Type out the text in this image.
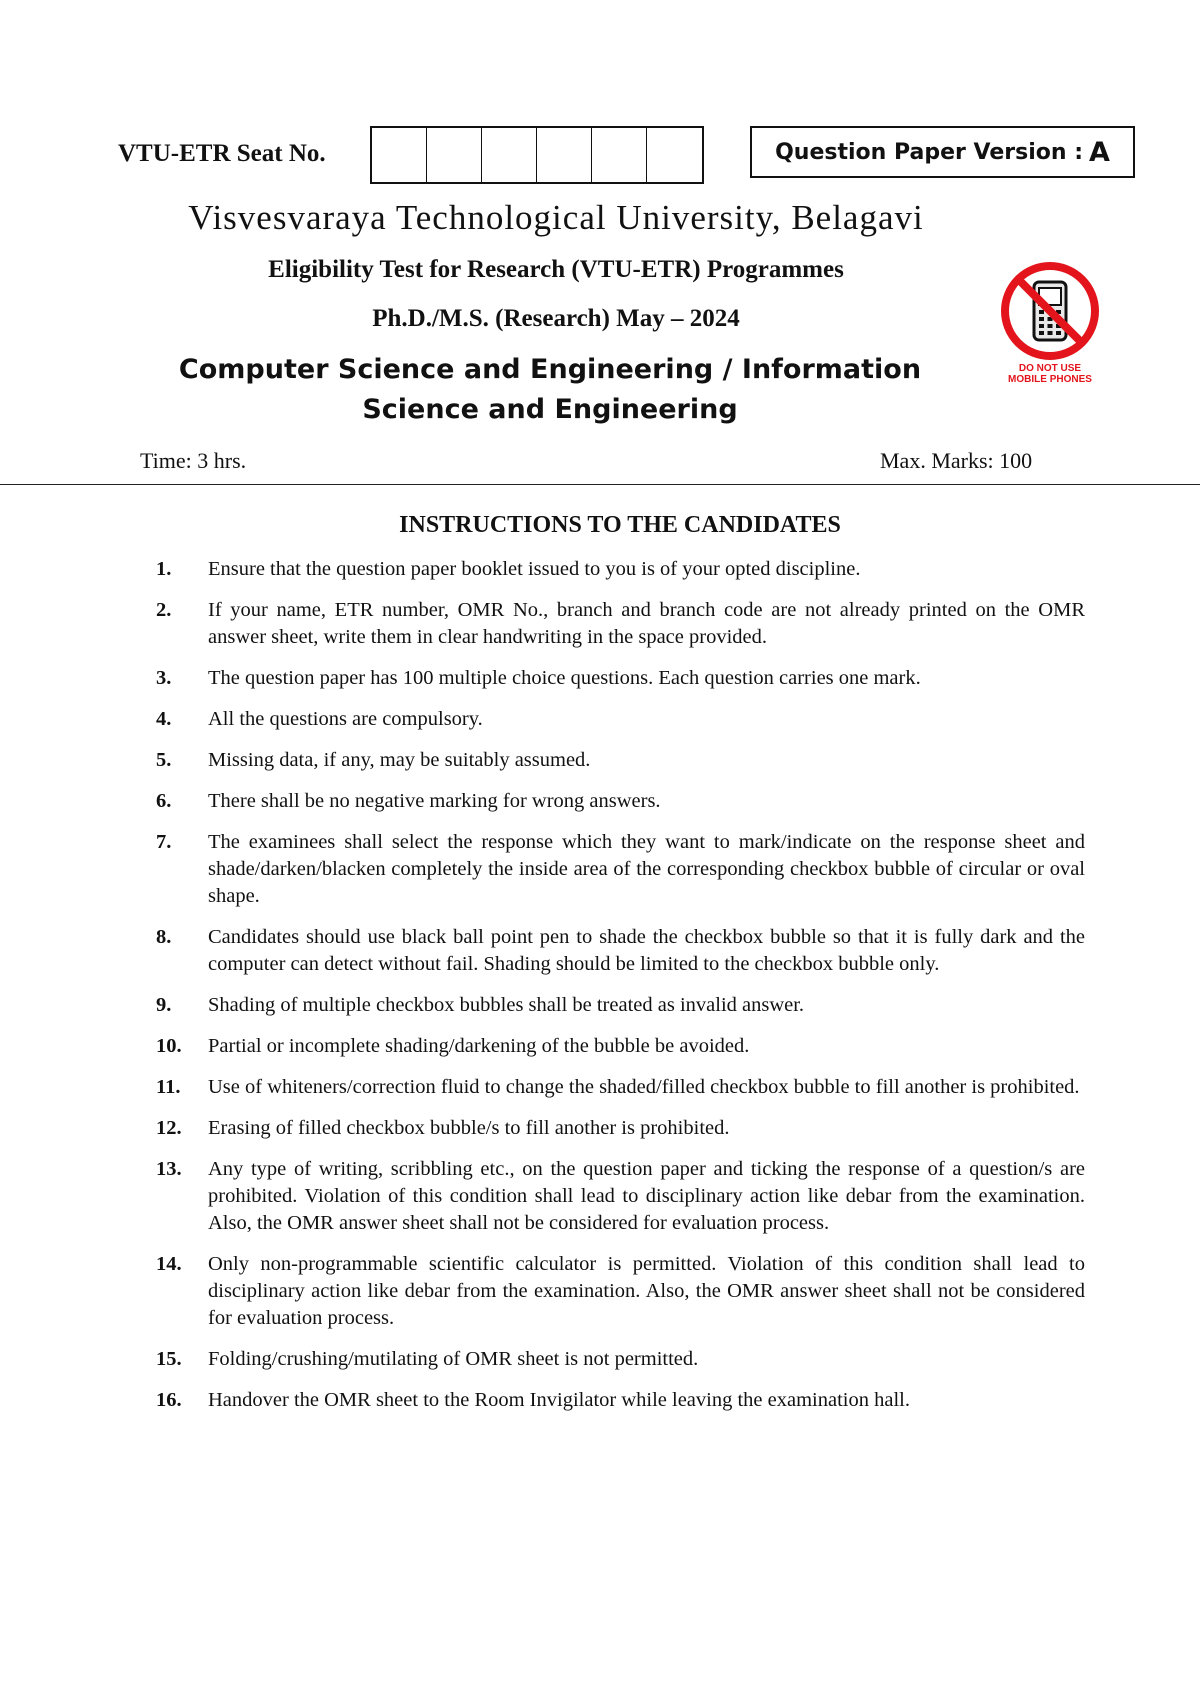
VTU-ETR Seat No.	Question Paper Version : A
Visvesvaraya Technological University, Belagavi
Eligibility Test for Research (VTU-ETR) Programmes
Ph.D./M.S. (Research) May – 2024
Computer Science and Engineering / Information
Science and Engineering
DO NOT USE
MOBILE PHONES
Time: 3 hrs.	Max. Marks: 100
INSTRUCTIONS TO THE CANDIDATES
1.	Ensure that the question paper booklet issued to you is of your opted discipline.
2.	If your name, ETR number, OMR No., branch and branch code are not already printed on the OMR answer sheet, write them in clear handwriting in the space provided.
3.	The question paper has 100 multiple choice questions. Each question carries one mark.
4.	All the questions are compulsory.
5.	Missing data, if any, may be suitably assumed.
6.	There shall be no negative marking for wrong answers.
7.	The examinees shall select the response which they want to mark/indicate on the response sheet and shade/darken/blacken completely the inside area of the corresponding checkbox bubble of circular or oval shape.
8.	Candidates should use black ball point pen to shade the checkbox bubble so that it is fully dark and the computer can detect without fail. Shading should be limited to the checkbox bubble only.
9.	Shading of multiple checkbox bubbles shall be treated as invalid answer.
10.	Partial or incomplete shading/darkening of the bubble be avoided.
11.	Use of whiteners/correction fluid to change the shaded/filled checkbox bubble to fill another is prohibited.
12.	Erasing of filled checkbox bubble/s to fill another is prohibited.
13.	Any type of writing, scribbling etc., on the question paper and ticking the response of a question/s are prohibited. Violation of this condition shall lead to disciplinary action like debar from the examination. Also, the OMR answer sheet shall not be considered for evaluation process.
14.	Only non-programmable scientific calculator is permitted. Violation of this condition shall lead to disciplinary action like debar from the examination. Also, the OMR answer sheet shall not be considered for evaluation process.
15.	Folding/crushing/mutilating of OMR sheet is not permitted.
16.	Handover the OMR sheet to the Room Invigilator while leaving the examination hall.
